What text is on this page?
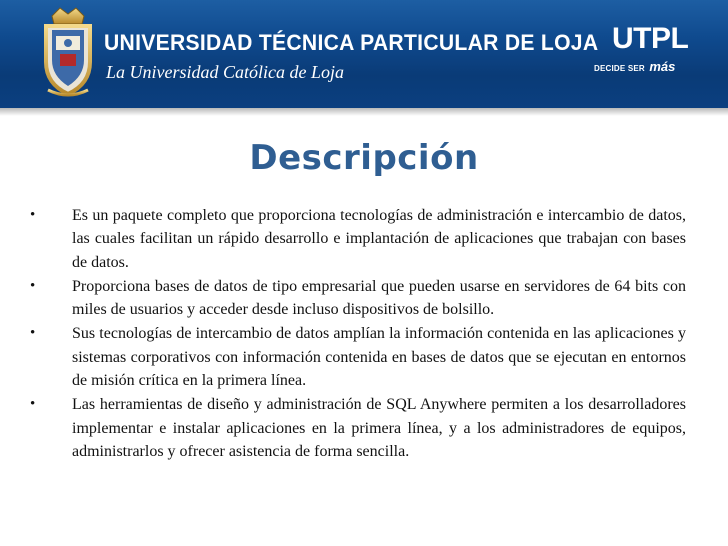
UNIVERSIDAD TÉCNICA PARTICULAR DE LOJA
La Universidad Católica de Loja
UTPL
DECIDE SER más
Descripción
• Es un paquete completo que proporciona tecnologías de administración e intercambio de datos, las cuales facilitan un rápido desarrollo e implantación de aplicaciones que trabajan con bases de datos.
• Proporciona bases de datos de tipo empresarial que pueden usarse en servidores de 64 bits con miles de usuarios y acceder desde incluso dispositivos de bolsillo.
• Sus tecnologías de intercambio de datos amplían la información contenida en las aplicaciones y sistemas corporativos con información contenida en bases de datos que se ejecutan en entornos de misión crítica en la primera línea.
• Las herramientas de diseño y administración de SQL Anywhere permiten a los desarrolladores implementar e instalar aplicaciones en la primera línea, y a los administradores de equipos, administrarlos y ofrecer asistencia de forma sencilla.
